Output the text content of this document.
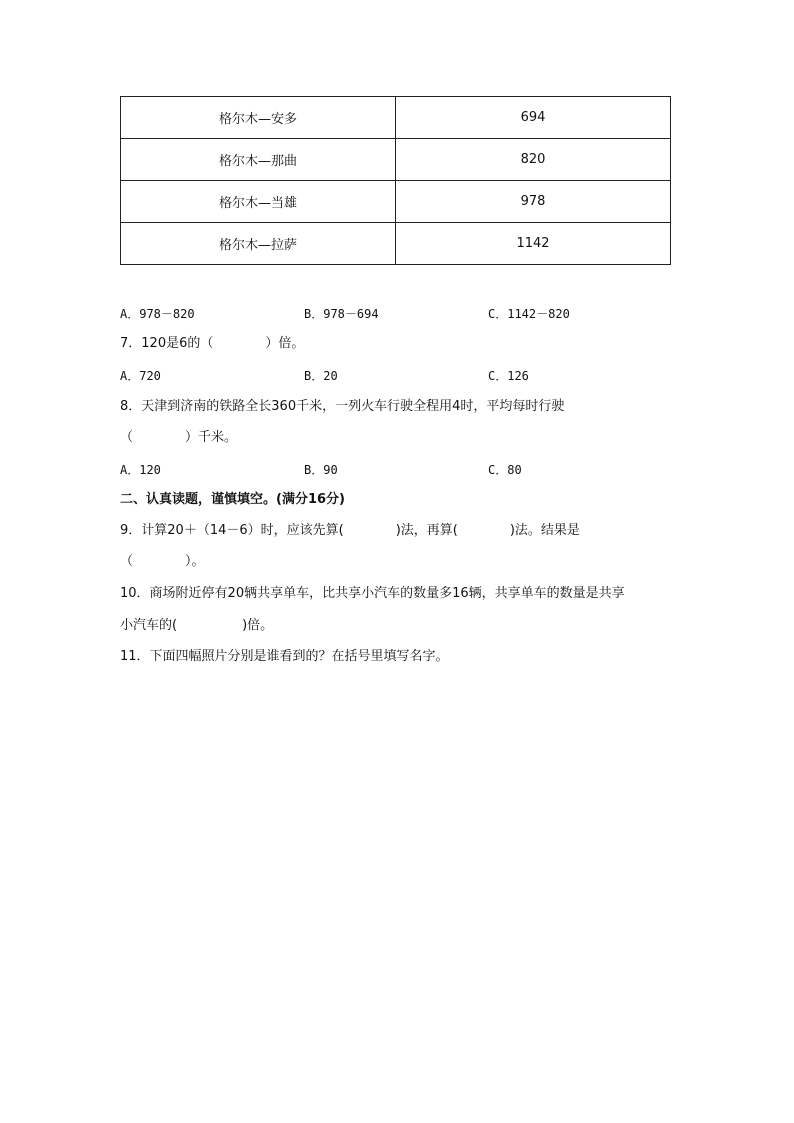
格尔木—安多	694
格尔木—那曲	820
格尔木—当雄	978
格尔木—拉萨	1142
A．978－820	B．978－694	C．1142－820
7．120是6的（　　　　）倍。
A．720	B．20	C．126
8．天津到济南的铁路全长360千米，一列火车行驶全程用4时，平均每时行驶
（　　　　）千米。
A．120	B．90	C．80
二、认真读题，谨慎填空。(满分16分)
9．计算20＋（14－6）时，应该先算(　　　　)法，再算(　　　　)法。结果是
（　　　　）。
10．商场附近停有20辆共享单车，比共享小汽车的数量多16辆，共享单车的数量是共享
小汽车的(　　　　　)倍。
11．下面四幅照片分别是谁看到的？在括号里填写名字。
